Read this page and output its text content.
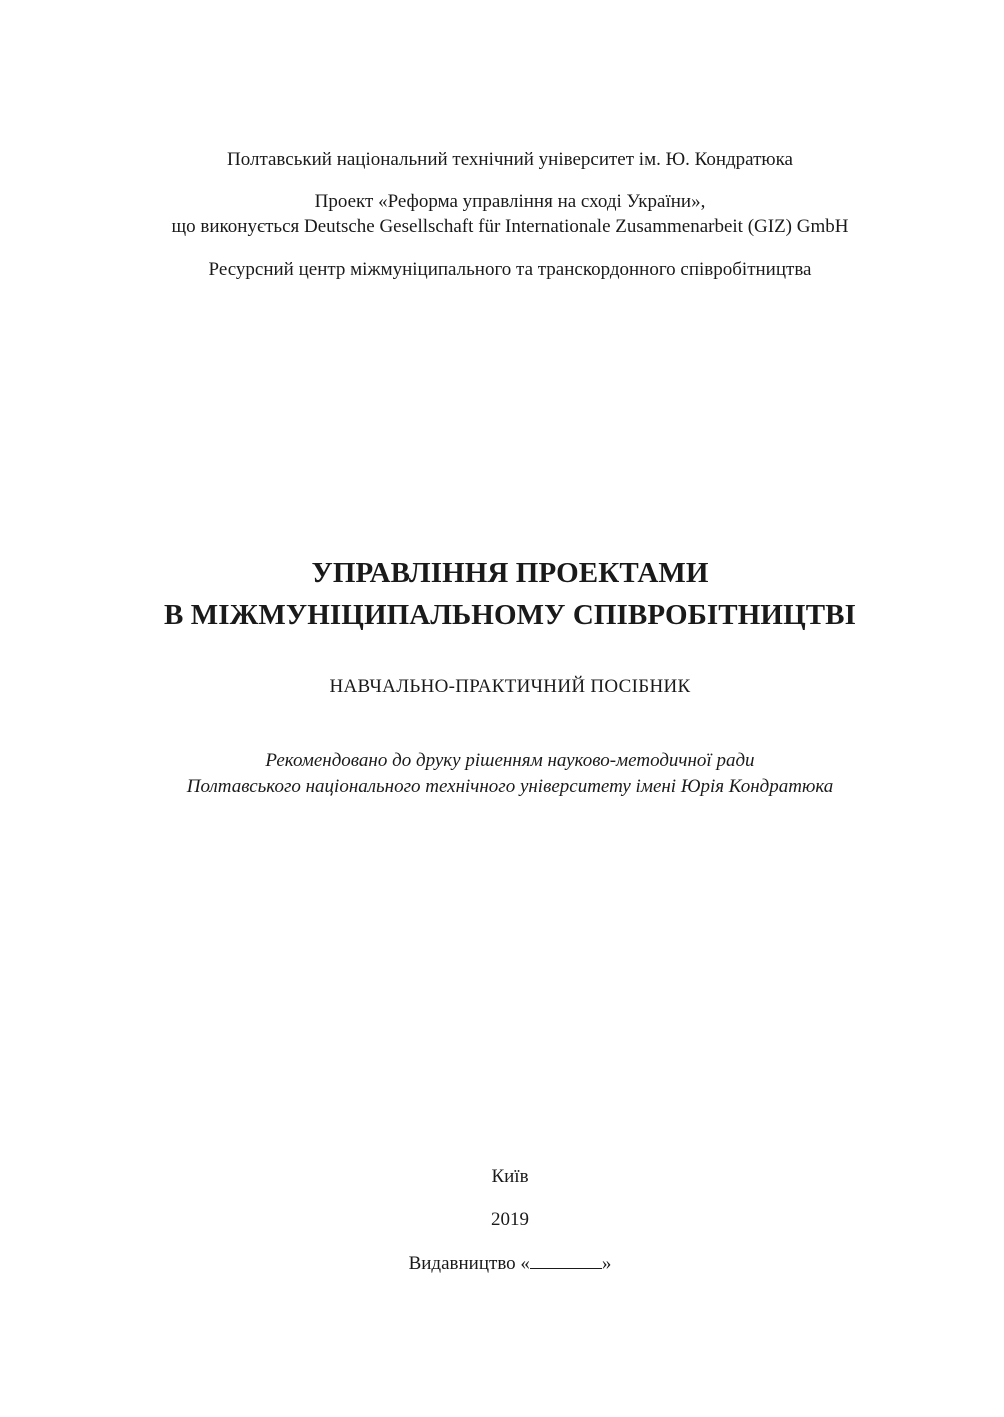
Полтавський національний технічний університет ім. Ю. Кондратюка
Проект «Реформа управління на сході України»,
що виконується Deutsche Gesellschaft für Internationale Zusammenarbeit (GIZ) GmbH
Ресурсний центр міжмуніципального та транскордонного співробітництва
УПРАВЛІННЯ ПРОЕКТАМИ
В МІЖМУНІЦИПАЛЬНОМУ СПІВРОБІТНИЦТВІ
НАВЧАЛЬНО-ПРАКТИЧНИЙ ПОСІБНИК
Рекомендовано до друку рішенням науково-методичної ради
Полтавського національного технічного університету імені Юрія Кондратюка
Київ
2019
Видавництво «	»
